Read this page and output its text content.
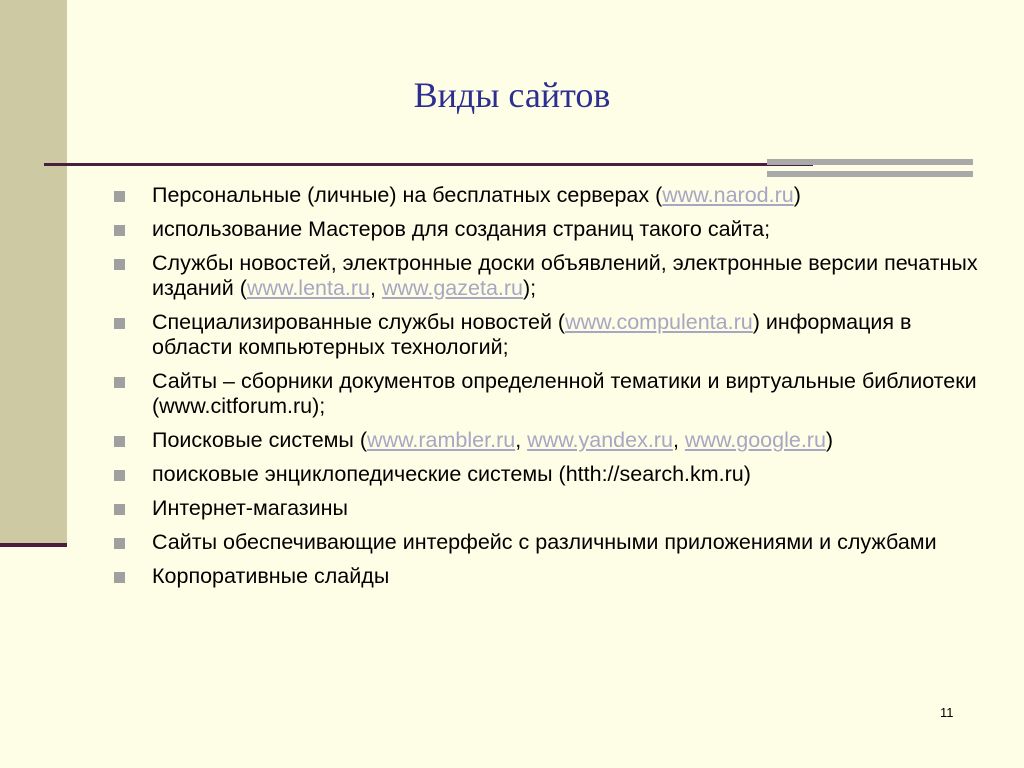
Виды сайтов
Персональные (личные) на бесплатных серверах (www.narod.ru)
использование Мастеров для создания страниц такого сайта;
Службы новостей, электронные доски объявлений, электронные версии печатных изданий (www.lenta.ru, www.gazeta.ru);
Специализированные службы новостей (www.compulenta.ru) информация в области компьютерных технологий;
Сайты – сборники документов определенной тематики и виртуальные библиотеки (www.citforum.ru);
Поисковые системы (www.rambler.ru, www.yandex.ru, www.google.ru)
поисковые энциклопедические системы (htth://search.km.ru)
Интернет-магазины
Сайты обеспечивающие интерфейс с различными приложениями и службами
Корпоративные слайды
11
